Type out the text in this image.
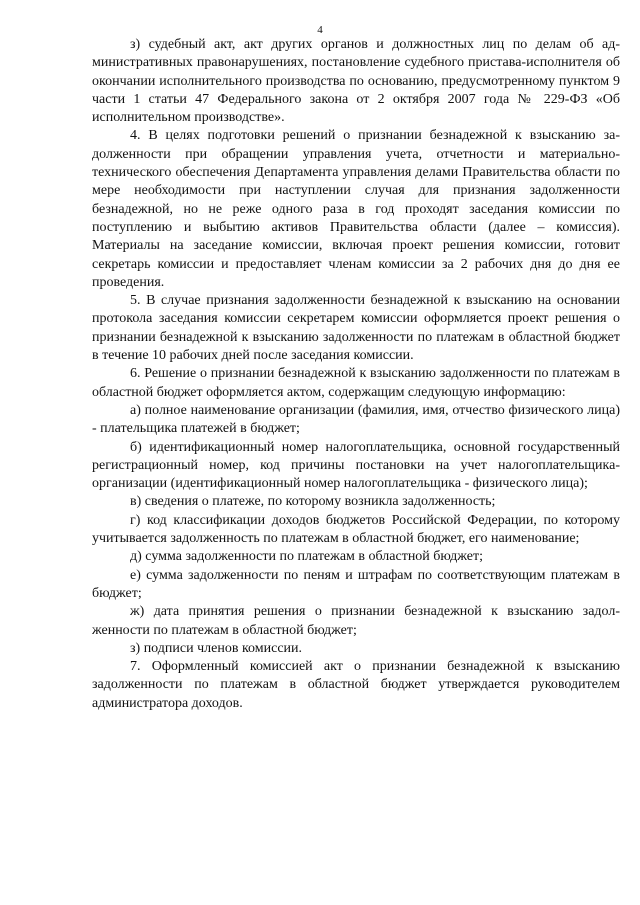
4

з) судебный акт, акт других органов и должностных лиц по делам об административных правонарушениях, постановление судебного пристава-исполнителя об окончании исполнительного производства по основанию, предусмотренному пунктом 9 части 1 статьи 47 Федерального закона от 2 октября 2007 года № 229-ФЗ «Об исполнительном производстве».

4. В целях подготовки решений о признании безнадежной к взысканию задолженности при обращении управления учета, отчетности и материально-технического обеспечения Департамента управления делами Правительства области по мере необходимости при наступлении случая для признания задолженности безнадежной, но не реже одного раза в год проходят заседания комиссии по поступлению и выбытию активов Правительства области (далее – комиссия). Материалы на заседание комиссии, включая проект решения комиссии, готовит секретарь комиссии и предоставляет членам комиссии за 2 рабочих дня до дня ее проведения.

5. В случае признания задолженности безнадежной к взысканию на основании протокола заседания комиссии секретарем комиссии оформляется проект решения о признании безнадежной к взысканию задолженности по платежам в областной бюджет в течение 10 рабочих дней после заседания комиссии.

6. Решение о признании безнадежной к взысканию задолженности по платежам в областной бюджет оформляется актом, содержащим следующую информацию:

а) полное наименование организации (фамилия, имя, отчество физического лица) - плательщика платежей в бюджет;

б) идентификационный номер налогоплательщика, основной государственный регистрационный номер, код причины постановки на учет налогоплательщика-организации (идентификационный номер налогоплательщика - физического лица);

в) сведения о платеже, по которому возникла задолженность;

г) код классификации доходов бюджетов Российской Федерации, по которому учитывается задолженность по платежам в областной бюджет, его наименование;

д) сумма задолженности по платежам в областной бюджет;

е) сумма задолженности по пеням и штрафам по соответствующим платежам в бюджет;

ж) дата принятия решения о признании безнадежной к взысканию задолженности по платежам в областной бюджет;

з) подписи членов комиссии.

7. Оформленный комиссией акт о признании безнадежной к взысканию задолженности по платежам в областной бюджет утверждается руководителем администратора доходов.
